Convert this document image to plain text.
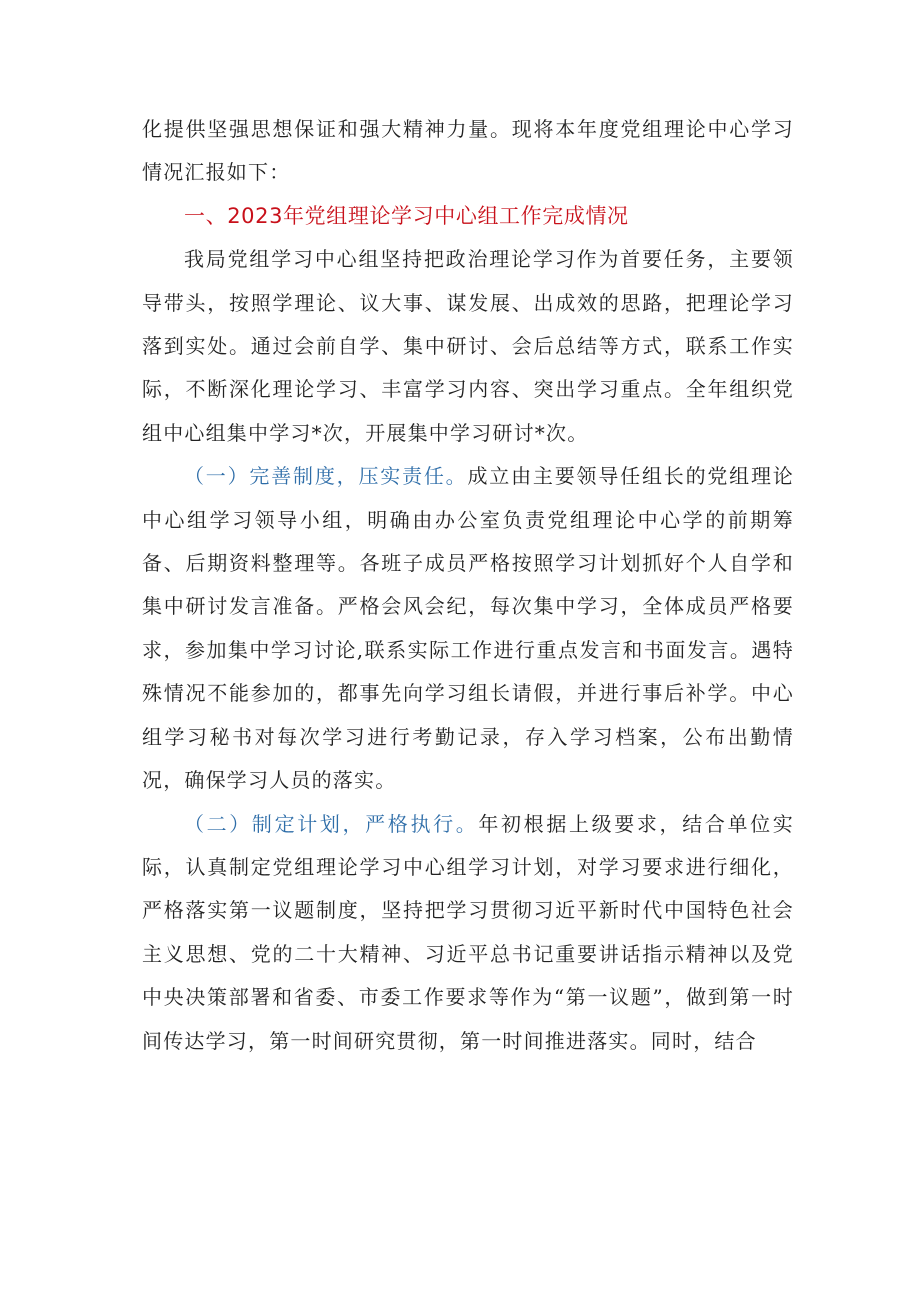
化提供坚强思想保证和强大精神力量。现将本年度党组理论中心学习情况汇报如下：

一、2023年党组理论学习中心组工作完成情况

我局党组学习中心组坚持把政治理论学习作为首要任务，主要领导带头，按照学理论、议大事、谋发展、出成效的思路，把理论学习落到实处。通过会前自学、集中研讨、会后总结等方式，联系工作实际，不断深化理论学习、丰富学习内容、突出学习重点。全年组织党组中心组集中学习*次，开展集中学习研讨*次。

（一）完善制度，压实责任。成立由主要领导任组长的党组理论中心组学习领导小组，明确由办公室负责党组理论中心学的前期筹备、后期资料整理等。各班子成员严格按照学习计划抓好个人自学和集中研讨发言准备。严格会风会纪，每次集中学习，全体成员严格要求，参加集中学习讨论,联系实际工作进行重点发言和书面发言。遇特殊情况不能参加的，都事先向学习组长请假，并进行事后补学。中心组学习秘书对每次学习进行考勤记录，存入学习档案，公布出勤情况，确保学习人员的落实。

（二）制定计划，严格执行。年初根据上级要求，结合单位实际，认真制定党组理论学习中心组学习计划，对学习要求进行细化，严格落实第一议题制度，坚持把学习贯彻习近平新时代中国特色社会主义思想、党的二十大精神、习近平总书记重要讲话指示精神以及党中央决策部署和省委、市委工作要求等作为“第一议题”，做到第一时间传达学习，第一时间研究贯彻，第一时间推进落实。同时，结合
